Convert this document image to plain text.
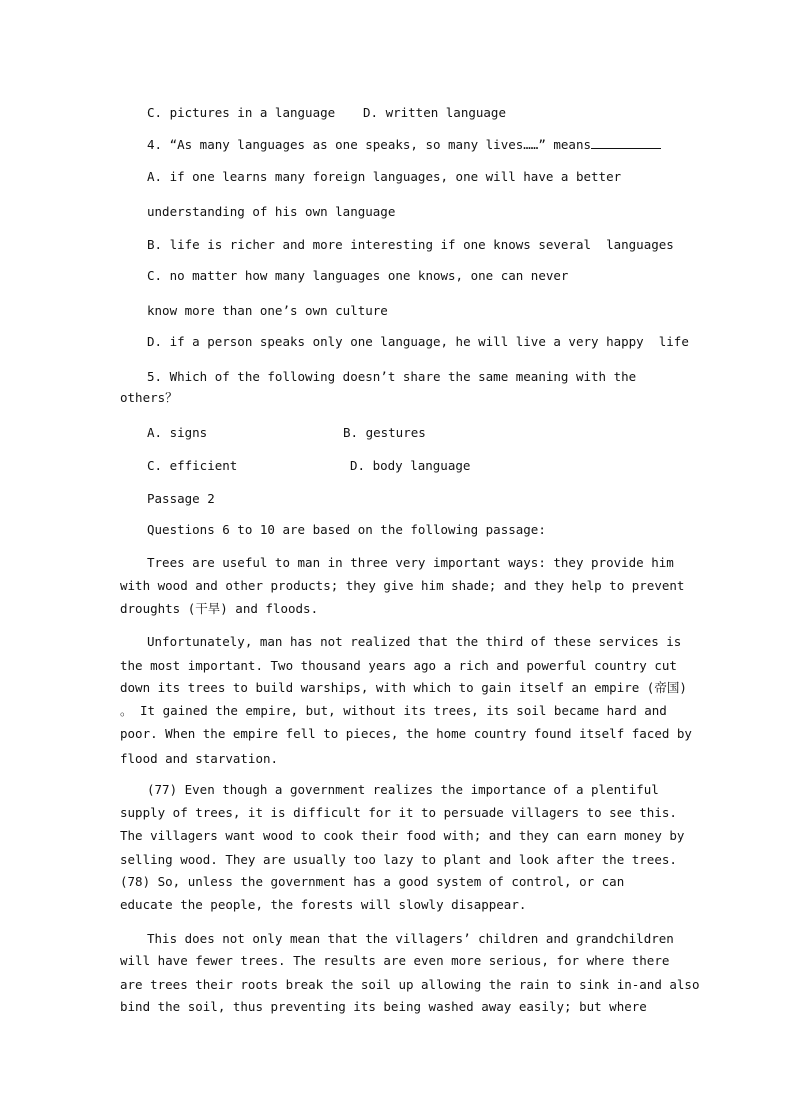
C. pictures in a language D. written language
4. “As many languages as one speaks, so many lives……” means
A. if one learns many foreign languages, one will have a better
understanding of his own language
B. life is richer and more interesting if one knows several  languages
C. no matter how many languages one knows, one can never
know more than one’s own culture
D. if a person speaks only one language, he will live a very happy  life
5. Which of the following doesn’t share the same meaning with the
others？
A. signs	B. gestures
C. efficient	D. body language
Passage 2
Questions 6 to 10 are based on the following passage:
Trees are useful to man in three very important ways: they provide him
with wood and other products; they give him shade; and they help to prevent
droughts (干旱) and floods.
Unfortunately, man has not realized that the third of these services is
the most important. Two thousand years ago a rich and powerful country cut
down its trees to build warships, with which to gain itself an empire (帝国)
。 It gained the empire, but, without its trees, its soil became hard and
poor. When the empire fell to pieces, the home country found itself faced by
flood and starvation.
(77) Even though a government realizes the importance of a plentiful
supply of trees, it is difficult for it to persuade villagers to see this.
The villagers want wood to cook their food with; and they can earn money by
selling wood. They are usually too lazy to plant and look after the trees.
(78) So, unless the government has a good system of control, or can
educate the people, the forests will slowly disappear.
This does not only mean that the villagers’ children and grandchildren
will have fewer trees. The results are even more serious, for where there
are trees their roots break the soil up allowing the rain to sink in-and also
bind the soil, thus preventing its being washed away easily; but where
